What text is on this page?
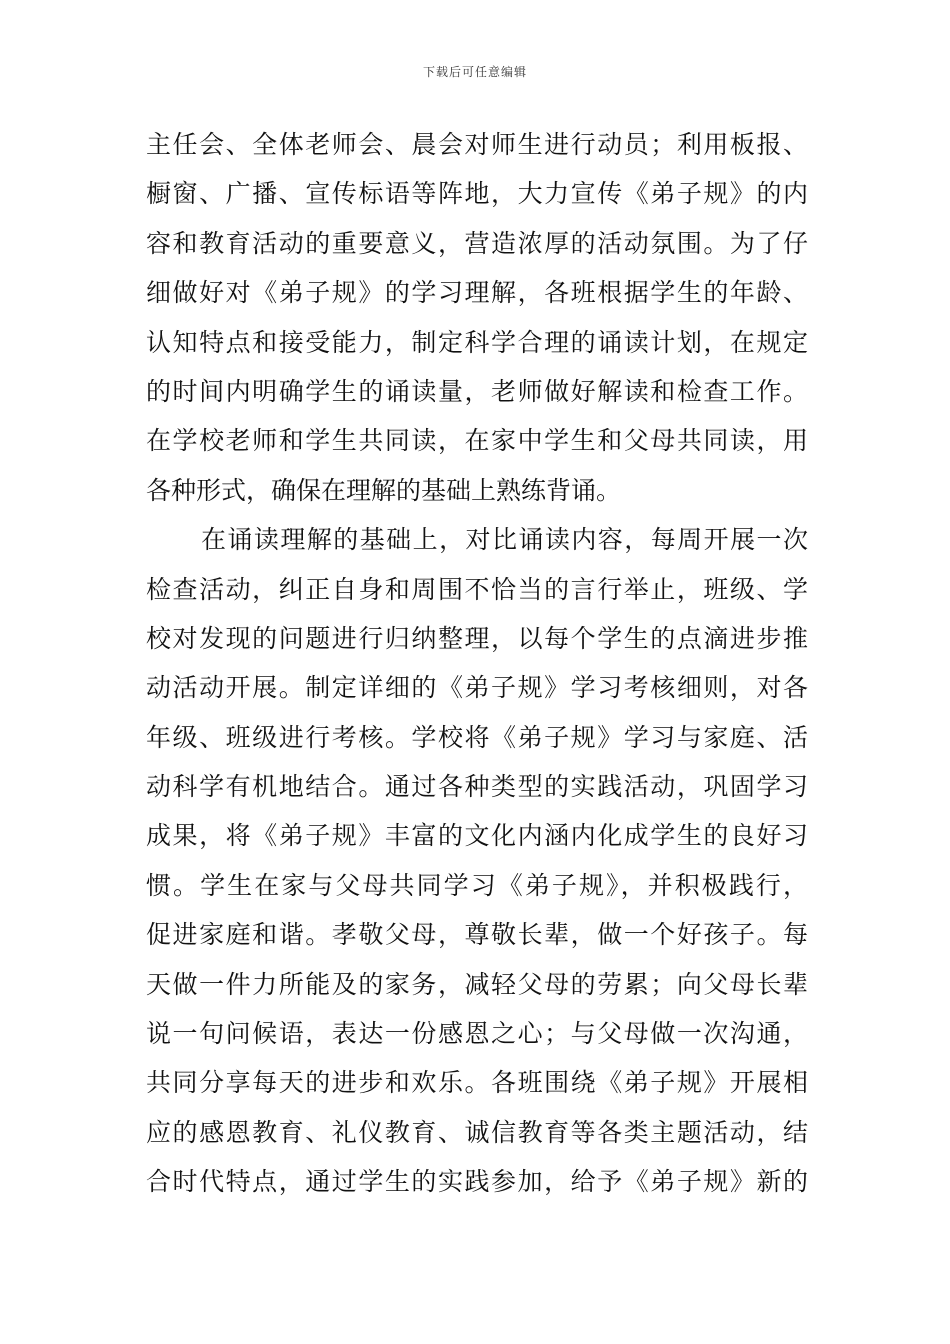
下载后可任意编辑
主任会、全体老师会、晨会对师生进行动员；利用板报、
橱窗、广播、宣传标语等阵地，大力宣传《弟子规》的内
容和教育活动的重要意义，营造浓厚的活动氛围。为了仔
细做好对《弟子规》的学习理解，各班根据学生的年龄、
认知特点和接受能力，制定科学合理的诵读计划，在规定
的时间内明确学生的诵读量，老师做好解读和检查工作。
在学校老师和学生共同读，在家中学生和父母共同读，用
各种形式，确保在理解的基础上熟练背诵。
在诵读理解的基础上，对比诵读内容，每周开展一次
检查活动，纠正自身和周围不恰当的言行举止，班级、学
校对发现的问题进行归纳整理，以每个学生的点滴进步推
动活动开展。制定详细的《弟子规》学习考核细则，对各
年级、班级进行考核。学校将《弟子规》学习与家庭、活
动科学有机地结合。通过各种类型的实践活动，巩固学习
成果，将《弟子规》丰富的文化内涵内化成学生的良好习
惯。学生在家与父母共同学习《弟子规》，并积极践行，
促进家庭和谐。孝敬父母，尊敬长辈，做一个好孩子。每
天做一件力所能及的家务，减轻父母的劳累；向父母长辈
说一句问候语，表达一份感恩之心；与父母做一次沟通，
共同分享每天的进步和欢乐。各班围绕《弟子规》开展相
应的感恩教育、礼仪教育、诚信教育等各类主题活动，结
合时代特点，通过学生的实践参加，给予《弟子规》新的
